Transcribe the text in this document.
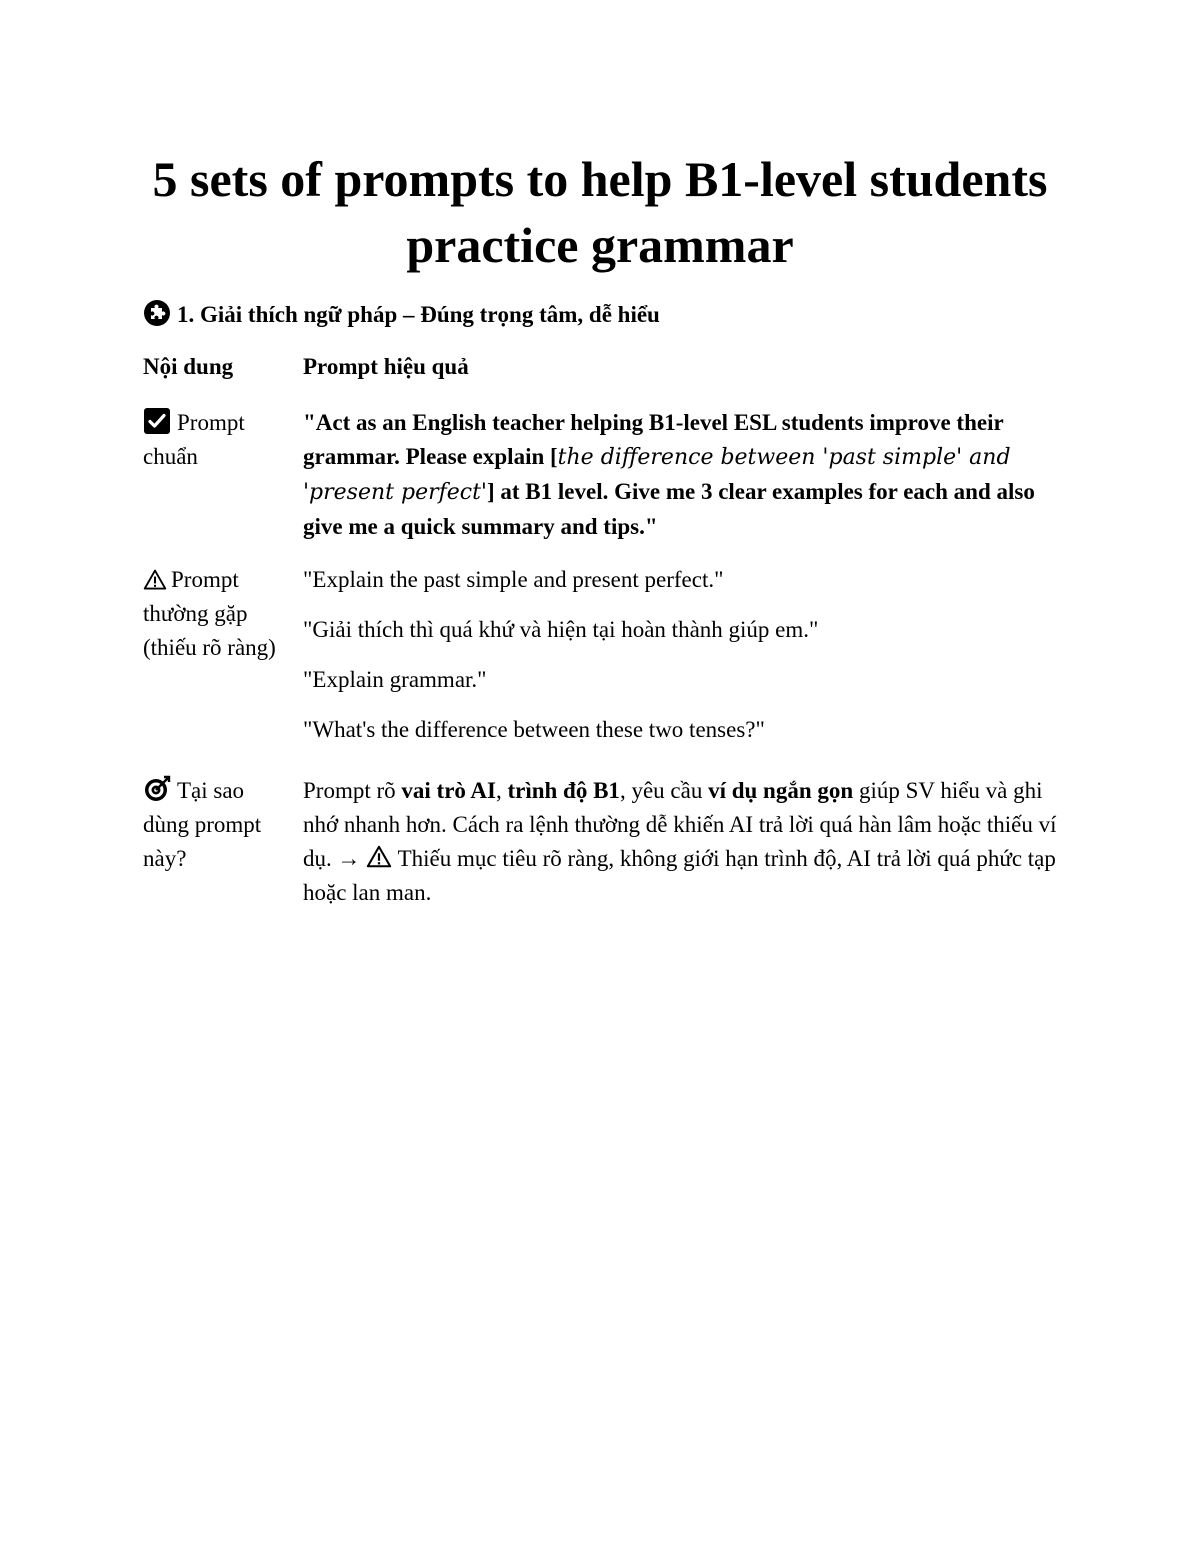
5 sets of prompts to help B1-level students practice grammar
1. Giải thích ngữ pháp – Đúng trọng tâm, dễ hiểu
Nội dung	Prompt hiệu quả
Prompt chuẩn
"Act as an English teacher helping B1-level ESL students improve their grammar. Please explain [the difference between 'past simple' and 'present perfect'] at B1 level. Give me 3 clear examples for each and also give me a quick summary and tips."
Prompt thường gặp (thiếu rõ ràng)

"Explain the past simple and present perfect."

"Giải thích thì quá khứ và hiện tại hoàn thành giúp em."

"Explain grammar."

"What's the difference between these two tenses?"

Tại sao dùng prompt này?
Prompt rõ vai trò AI, trình độ B1, yêu cầu ví dụ ngắn gọn giúp SV hiểu và ghi nhớ nhanh hơn. Cách ra lệnh thường dễ khiến AI trả lời quá hàn lâm hoặc thiếu ví dụ. →
Thiếu mục tiêu rõ ràng, không giới hạn trình độ, AI trả lời quá phức tạp hoặc lan man.
